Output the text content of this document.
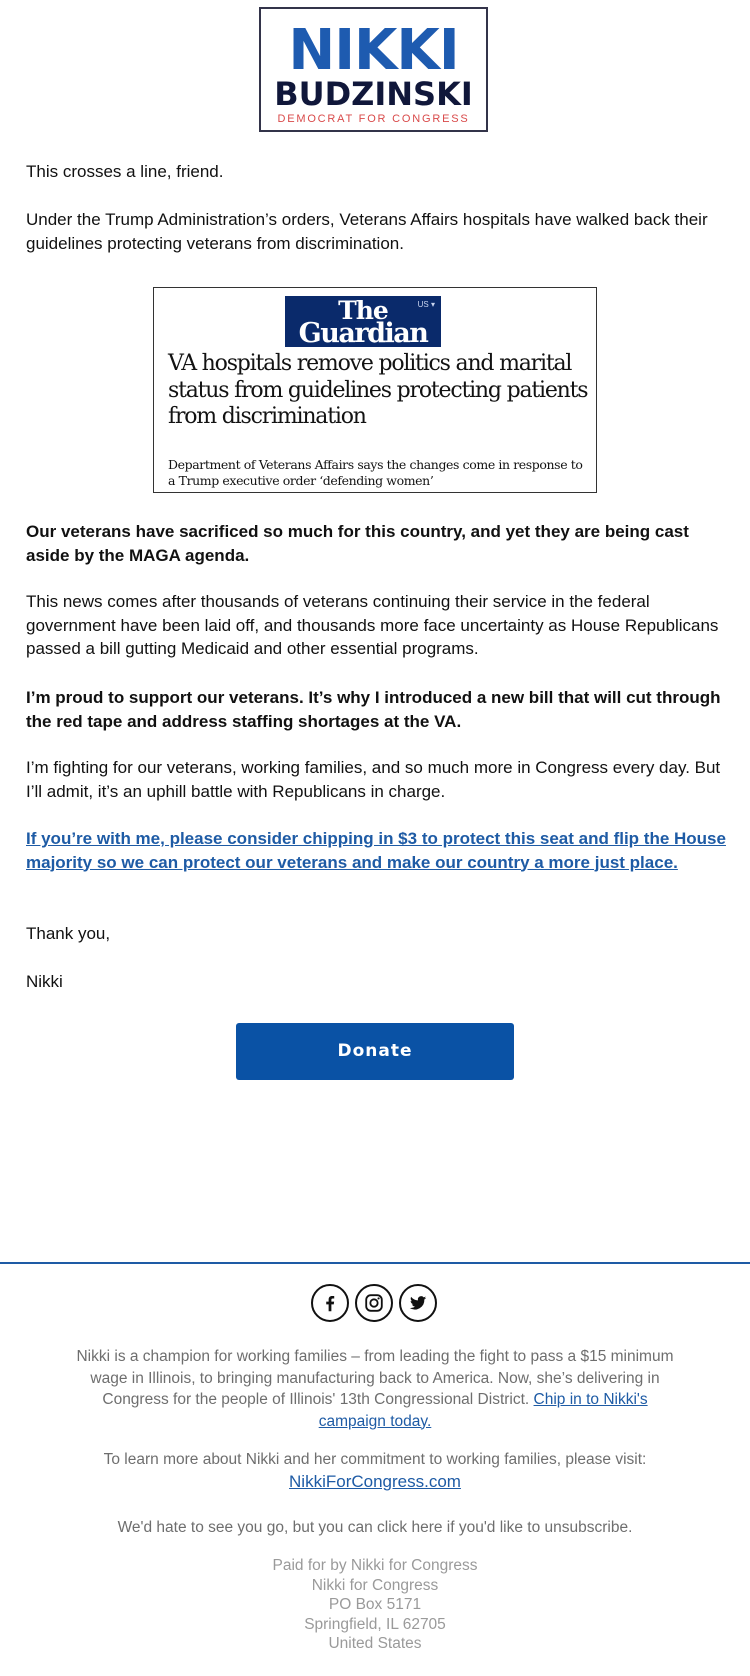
NIKKI
BUDZINSKI
DEMOCRAT FOR CONGRESS

This crosses a line, friend.

Under the Trump Administration’s orders, Veterans Affairs hospitals have walked back their guidelines protecting veterans from discrimination.

The
Guardian
US ▾
VA hospitals remove politics and marital status from guidelines protecting patients from discrimination
Department of Veterans Affairs says the changes come in response to a Trump executive order ‘defending women’

Our veterans have sacrificed so much for this country, and yet they are being cast aside by the MAGA agenda.

This news comes after thousands of veterans continuing their service in the federal government have been laid off, and thousands more face uncertainty as House Republicans passed a bill gutting Medicaid and other essential programs.

I’m proud to support our veterans. It’s why I introduced a new bill that will cut through the red tape and address staffing shortages at the VA.

I’m fighting for our veterans, working families, and so much more in Congress every day. But I’ll admit, it’s an uphill battle with Republicans in charge.

If you’re with me, please consider chipping in $3 to protect this seat and flip the House majority so we can protect our veterans and make our country a more just place.

Thank you,

Nikki

Donate
Nikki is a champion for working families – from leading the fight to pass a $15 minimum wage in Illinois, to bringing manufacturing back to America. Now, she’s delivering in Congress for the people of Illinois' 13th Congressional District. Chip in to Nikki's campaign today.
To learn more about Nikki and her commitment to working families, please visit:
NikkiForCongress.com
We'd hate to see you go, but you can click here if you'd like to unsubscribe.
Paid for by Nikki for Congress
Nikki for Congress
PO Box 5171
Springfield, IL 62705
United States
